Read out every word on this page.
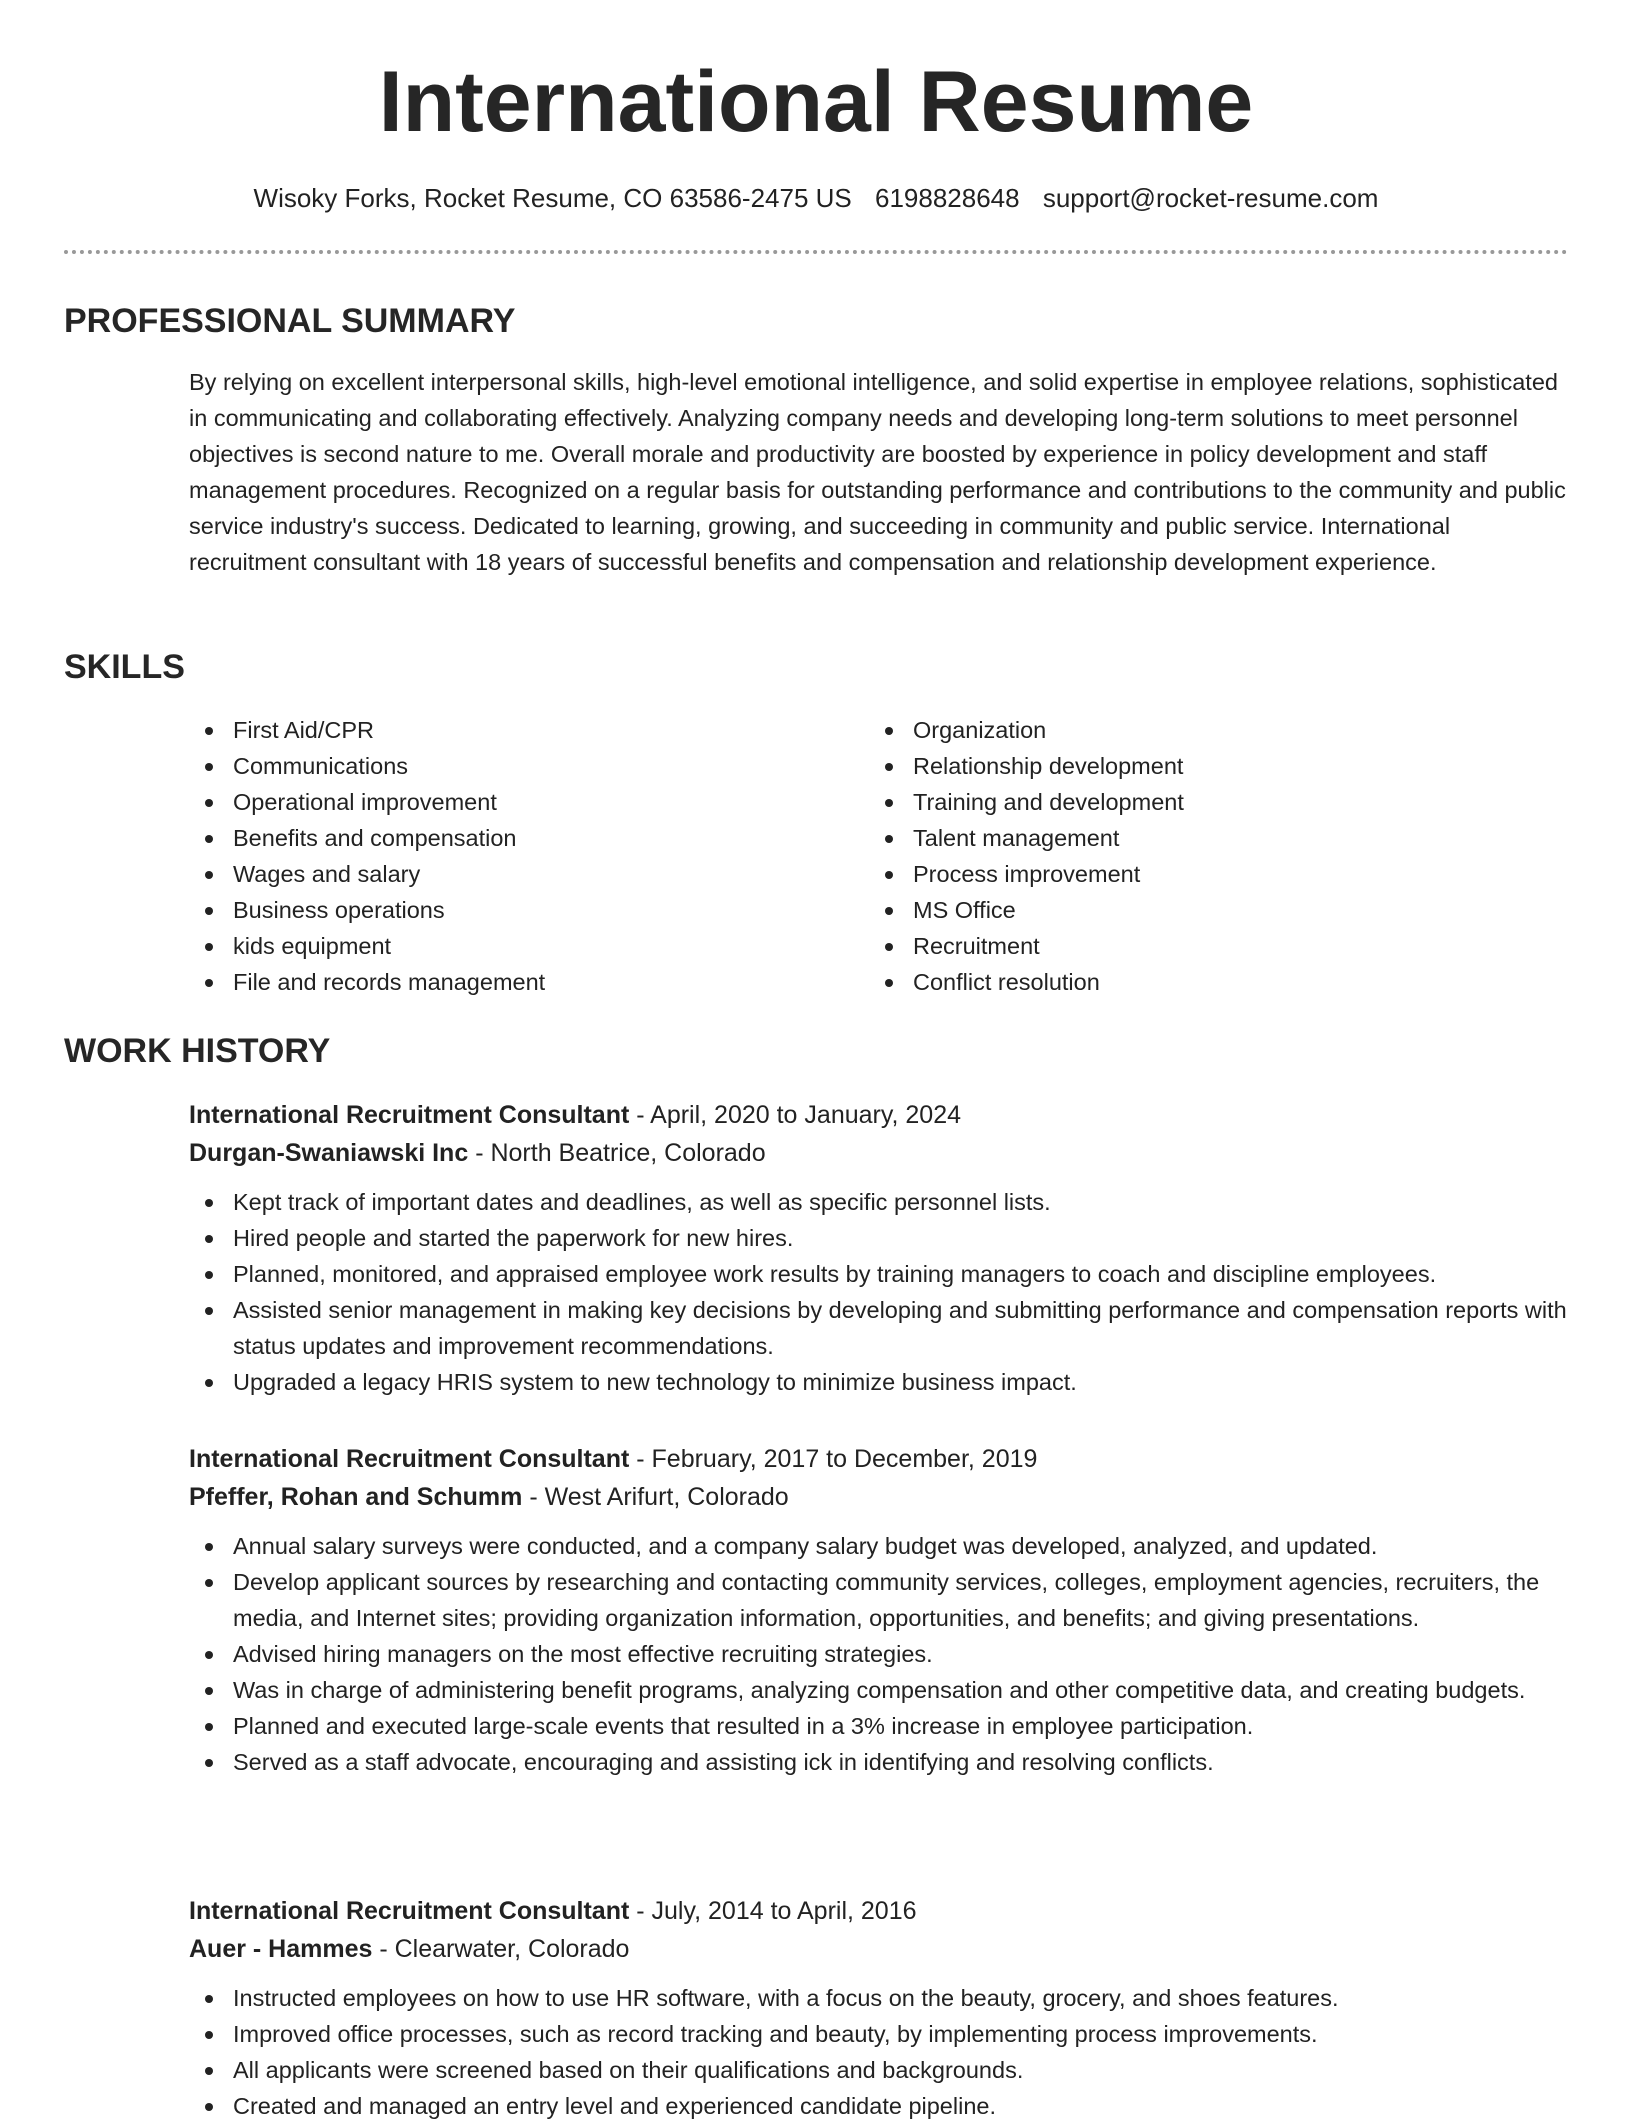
International Resume
Wisoky Forks, Rocket Resume, CO 63586-2475 US 6198828648 support@rocket-resume.com
PROFESSIONAL SUMMARY

By relying on excellent interpersonal skills, high-level emotional intelligence, and solid expertise in employee relations, sophisticated in communicating and collaborating effectively. Analyzing company needs and developing long-term solutions to meet personnel objectives is second nature to me. Overall morale and productivity are boosted by experience in policy development and staff management procedures. Recognized on a regular basis for outstanding performance and contributions to the community and public service industry's success. Dedicated to learning, growing, and succeeding in community and public service. International recruitment consultant with 18 years of successful benefits and compensation and relationship development experience.

SKILLS
First Aid/CPR
Communications
Operational improvement
Benefits and compensation
Wages and salary
Business operations
kids equipment
File and records management
Organization
Relationship development
Training and development
Talent management
Process improvement
MS Office
Recruitment
Conflict resolution
WORK HISTORY

International Recruitment Consultant - April, 2020 to January, 2024

Durgan-Swaniawski Inc - North Beatrice, Colorado

Kept track of important dates and deadlines, as well as specific personnel lists.
Hired people and started the paperwork for new hires.
Planned, monitored, and appraised employee work results by training managers to coach and discipline employees.
Assisted senior management in making key decisions by developing and submitting performance and compensation reports with status updates and improvement recommendations.
Upgraded a legacy HRIS system to new technology to minimize business impact.

International Recruitment Consultant - February, 2017 to December, 2019

Pfeffer, Rohan and Schumm - West Arifurt, Colorado

Annual salary surveys were conducted, and a company salary budget was developed, analyzed, and updated.
Develop applicant sources by researching and contacting community services, colleges, employment agencies, recruiters, the media, and Internet sites; providing organization information, opportunities, and benefits; and giving presentations.
Advised hiring managers on the most effective recruiting strategies.
Was in charge of administering benefit programs, analyzing compensation and other competitive data, and creating budgets.
Planned and executed large-scale events that resulted in a 3% increase in employee participation.
Served as a staff advocate, encouraging and assisting ick in identifying and resolving conflicts.

International Recruitment Consultant - July, 2014 to April, 2016

Auer - Hammes - Clearwater, Colorado

Instructed employees on how to use HR software, with a focus on the beauty, grocery, and shoes features.
Improved office processes, such as record tracking and beauty, by implementing process improvements.
All applicants were screened based on their qualifications and backgrounds.
Created and managed an entry level and experienced candidate pipeline.
